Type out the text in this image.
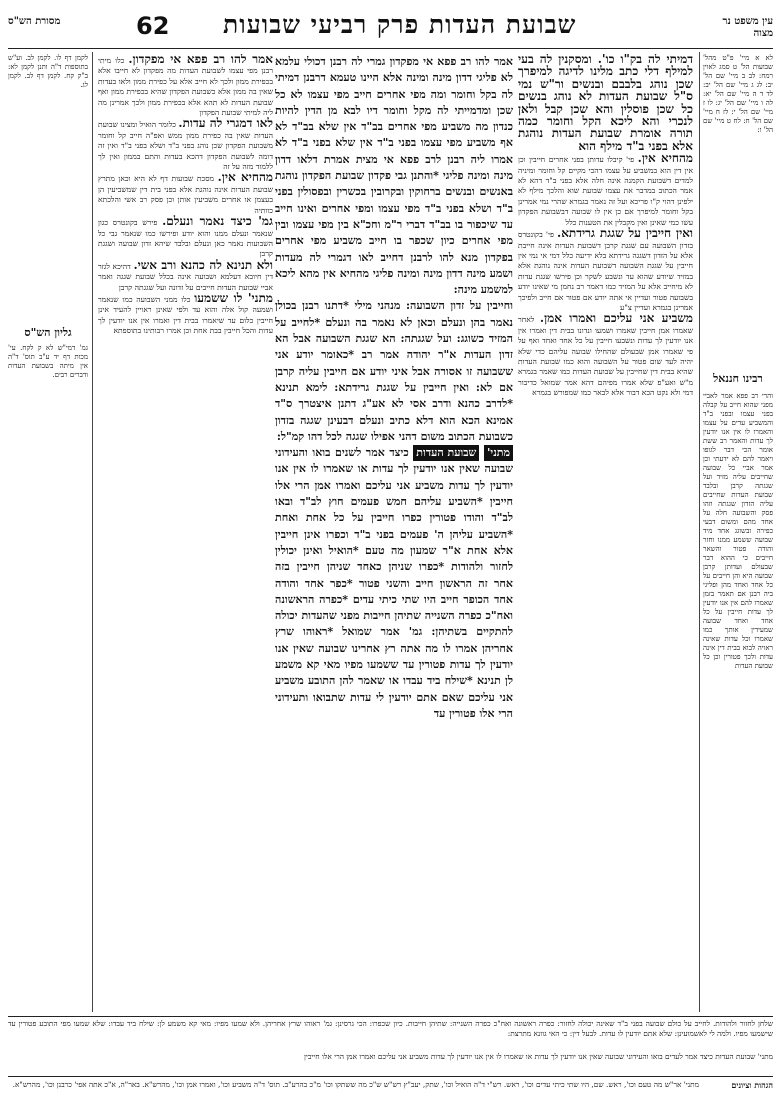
עין משפט נר מצוה
שבועת העדות פרק רביעי שבועות
62
מסורת הש"ס

לא א מיי' פ"ט מהל' שבועות הל' ט סמג לאוין רמח: לב ב מיי' שם הל' יב: לג ג מיי' שם הל' יב: לד ד ה מיי' שם הל' יא: לה ו מיי' שם הל' יג: לו ז מיי' שם הל' י: לז ח מיי' שם הל' ח: לח ט מיי' שם הל' ו:

רבינו חננאל

והרי רב פפא אמר לאביי מפני שהוא חייב על קבלה בפני עצמו ובפני ב"ד והמשביע עדים על עצמו והאמרו לו אין אנו יודעין לך עדות והאמר רב ששת אומר הכי דבר לגופו ויאמר להם לא ידעתי וכן אמר אביי כל שבועה שחייבים עליה מזיד ועל שגגתה קרבן ובלבד שבועת העדות שחייבים עליה הזדון שגגתה וזהו פסק והשבועה חלה על אחד מהם ומשום דבעי כפירה ובשוגג אחד מיד שבועה ששמע ממנו וחזר והודה פטור והשאר חייבים כי ההוא דבר שבעולם ועדותן קרבן שבועה היא והן חייבים על כל אחד ואחד מהן ופליגי ביה רבנן אם תאמר בזמן שאמרו להם אין אנו יודעין לך עדות חייבין על כל אחד ואחד שבועה שמעידין אותך כמו שאמרו וכל עדות שאינה ראויה לבוא בבית דין אינה עדות ולכך פטורין וכן כל שבועת העדות

דמיתי לה בק"ו כו'. ומסקנין לה בעי למילף דלי כתב מלינו לדיגה למיפרך שכן נוהג בלבבם ובנשים ור"ש נמי ס"ל שבועת העדות לא נוהג בנשים כל שכן פוסלין והא שכן קבל ולאן לנכרי והא ליכא הקל וחומר כמה תורה אומרת שבועת העדות נוהגת אלא בפני ב"ד מילף הוא

מהחיא אין. פי' קיבלו עדותן בפני אחרים חייבין וכן אין דין הוא במשביע על עצמו דהכי מקיים קל וחומר ומיניה למדים דשבועת הקמנה אינה חלה אלא בפני ב"ד דהא לא אמר הכתוב במדבר את עצמו שבועת שוא והלכך מילף לא ילפינן דהוי ק"ו פריכא ועל זה נאמר בגמרא שהרי נמי אמרינן בקל וחומר למיפרך אם כן אין לו שבועה דבשבועת הפקדון עשו כמי שאינן ואין מקבלין את הטענות כלל

ואין חייבין על שגגת גרידתא. פי' בקונטרס בזדון השבועה עם שגגת קרבן דשבועת העדות אינה חייבת אלא על הזדון דשגגה גרידתא בלא ידיעה כלל דמי אי נמי אין חייבין על שגגת השבועה דשבועת העדות אינה נוהגת אלא במזיד שיודע שהוא עד ונשבע לשקר וכן פירשו שגגת עדות לא מיחייב אלא על המזיד כמו דאמר רב נחמן מי שאינו יודע בשבועה פטור ועדיין אי אתה יודע אם פטור אם חייב ולפיכך אמרינן בגמרא ועדיין צ"ע

משביע אני עליכם ואמרו אמן. לאחר שאמרו אמן חייבין שאמרו ושמעו ונדונו בבית דין ואמרו אין אנו יודעין לך עדות ונשבעו חייבין על כל אחד ואחד ואף על פי שאמרו אמן שבעולם שהחילו שבועה עליהם כדי שלא יהיה לעד שום פטור על השבועה והוא כמו שבועת העדות שהיא בבית דין שחייבין על שבועת העדות כמו שאמר בגמרא מ"ש ואע"פ שלא אמרו מפיהם דהא אמר שמואל כדיבור דמי ולא נקט הכא דבור אלא לבאר כמו שמפורש בגמרא

אמר להו רב פפא אי מפקדון גמרי לה רבנן דכולי עלמא לא פליגי דדון מינה ומינה אלא היינו טעמא דרבנן דמיתי לה בקל וחומר ומה מפי אחרים חייב מפי עצמו לא כל שכן ומדמייתי לה מקל וחומר דיו לבא מן הדין להיות כנדון מה משביע מפי אחרים בב"ד אין שלא בב"ד לא אף משביע מפי עצמו בפני ב"ד אין שלא בפני ב"ד לא אמרו ליה רבנן לרב פפא אי מצית אמרת דלאו דדון מינה ומינה פליגי *והתנן גבי פקדון שבועת הפקדון נוהגת באנשים ובנשים ברחוקין ובקרובין בכשרין ובפסולין בפני ב"ד ושלא בפני ב"ד מפי עצמו ומפי אחרים ואינו חייב עד שיכפור בו בב"ד דברי ר"מ וחכ"א בין מפי עצמו ובין מפי אחרים כיון שכפר בו חייב משביע מפי אחרים בפקדון מנא להו לרבנן דחייב לאו דגמרי לה מעדות ושמע מינה דדון מינה ומינה פליגי מהחיא אין מהא ליכא למשמע מינה:

וחייבין על זדון השבועה: מנהני מילי *דתנו רבנן בכולן נאמר בהן ונעלם וכאן לא נאמר בה ונעלם *לחייב על המזיד כשוגג: ועל שגגתה: הא שגגת השבועה אבל הא זדון העדות א"ר יהודה אמר רב *כאומר יודע אני ששבועה זו אסורה אבל איני יודע אם חייבין עליה קרבן אם לא: ואין חייבין על שגגת גרידתא: לימא תנינא *לדרב כהנא ודרב אסי לא אע"ג דתנן איצטרך ס"ד אמינא הכא הוא דלא כתיב ונעלם דבעינן שגגה בזדון כשבועת הכתוב משום דהני אפילו שגגה לכל דהו קמ"ל:

מתני' שבועת העדות כיצד אמר לשנים בואו והעידוני שבועה שאין אנו יודעין לך עדות או שאמרו לו אין אנו יודעין לך עדות משביע אני עליכם ואמרו אמן הרי אלו חייבין *השביע עליהם חמש פעמים חוץ לב"ד ובאו לב"ד והודו פטורין כפרו חייבין על כל אחת ואחת *השביע עליהן ה' פעמים בפני ב"ד וכפרו אינן חייבין אלא אחת א"ר שמעון מה טעם *הואיל ואינן יכולין לחזור ולהודות *כפרו שניהן כאחד שניהן חייבין בזה אחר זה הראשון חייב והשני פטור *כפר אחד והודה אחד הכופר חייב היו שתי כיתי עדים *כפרה הראשונה ואח"כ כפרה השנייה שתיהן חייבות מפני שהעדות יכולה להתקיים בשתיהן: גמ' אמר שמואל *ראוהו שרץ אחריהן אמרו לו מה אתה רץ אחרינו שבועה שאין אנו יודעין לך עדות פטורין עד ששמעו מפיו מאי קא משמע לן תנינא *שילח ביד עבדו או שאמר להן התובע משביע אני עליכם שאם אתם יודעין לי עדות שתבואו ותעידוני הרי אלו פטורין עד

אמר להו רב פפא אי מפקדון. כלו מיתי רבנן מפי עצמו לשבועת העדות מה מפקדון לא חייבו אלא בכפירת ממון ולכך לא חייב אלא על כפירת ממון ולאו בעדות שאין בה ממון אלא כשבועת הפקדון שהיא בכפירת ממון ואף שבועת העדות לא תהא אלא בכפירת ממון ולכך אמרינן מה ליה למיתי שבועת הפקדון

לאו דמגרי לה עדות. כלומר הואיל ומצינו שבועת העדות שאין בה כפירת ממון ממש ואפ"ה חייב קל וחומר משבועת הפקדון שכן נוהג בפני ב"ד ושלא בפני ב"ד ואין זה דומה לשבועת הפקדון דהכא בעדות והתם בממון ואין לך ללמוד מזה על זה

מהחיא אין. מסכת שבועות דף לא היא וכאן מתרץ שבועת העדות אינה נוהגת אלא בפני בית דין שמשביעין הן בעצמן או אחרים משביעין אותן וכן פסק רב אשי והלכתא כוותיה

גמ' כיצד נאמר ונעלם. פירש בקונטרס כגון שנאמר ונעלם ממנו והוא יודע ופירשו כמו שנאמר גבי כל השבועות נאמר כאן ונעלם ובלבד שיהא זדון שבועה ושגגת קרבן

ולא תנינא לה כהנא ורב אשי. דהיכא לגזר דין חיובא דעלמא ושבועה אינה בכלל שבועת שגגה ואמר אביי שבועת העדות חייבים על זדונה ועל שגגתה קרבן

מתני' לו ששמעו כלו ממני השבועה כמו שנאמר ושמעה קול אלה והוא עד ולפי שאינן ראויין להעיד אינן חייבין כלום עד שיאמרו בבית דין ואמרו אין אנו יודעין לך עדות והכל חייבין בבת אחת וכן אמרו רבותינו בתוספתא

לקמן דף לו. לקמן לב. וע"ש בתוספות ד"ה ותנן לקמן לא: ב"ק קח. לקמן דף לב. לקמן לג.

גליון הש"ס

גמ' דמי"ש לא ק לקח. עי' מכות דף יד ע"ב תוס' ד"ה אין מיתה בשבועת העדות ודברים רבים.

שלחן לחזור ולהודות. לחייב על כולם שבועה בפני ב"ד שאינה יכולה לחזור: כפרה ראשונה ואח"כ כפרה השנייה: שתיהן חייבות. כיון שכפרו: הכי גרסינן: גמ' ראוהו שרץ אחריהן. ולא שמעו מפיו: מאי קא משמע לן: שילח ביד עבדו: שלא שמעו מפי התובע פטורין עד שישמעו מפיו. ולמה לי לאשמועינן: שלא אתם יודעין לו עדות. לבעל דין: כי האי גוונא מתרצת:
מתני' שבועת העדות כיצד אמר לעדים בואו והעידוני שבועה שאין אנו יודעין לך עדות או שאמרו לו אין אנו יודעין לך עדות משביע אני עליכם ואמרו אמן הרי אלו חייבין
הגהות וציונים
מתני' אר"ש מה טעם וכו', ראש. שם, היו שתי כיתי עדים וכו', ראש. רש"י ד"ה הואיל וכו', שתק, יעב"ץ רש"ש ש"כ מה ששתקו וכו' מ"כ בהרע"ב. תוס' ד"ה משביע וכו', ואמרו אמן וכו', מהרש"א. באר"ה, א"כ אתה אפי' כרבנן וכו', מהרש"א.
